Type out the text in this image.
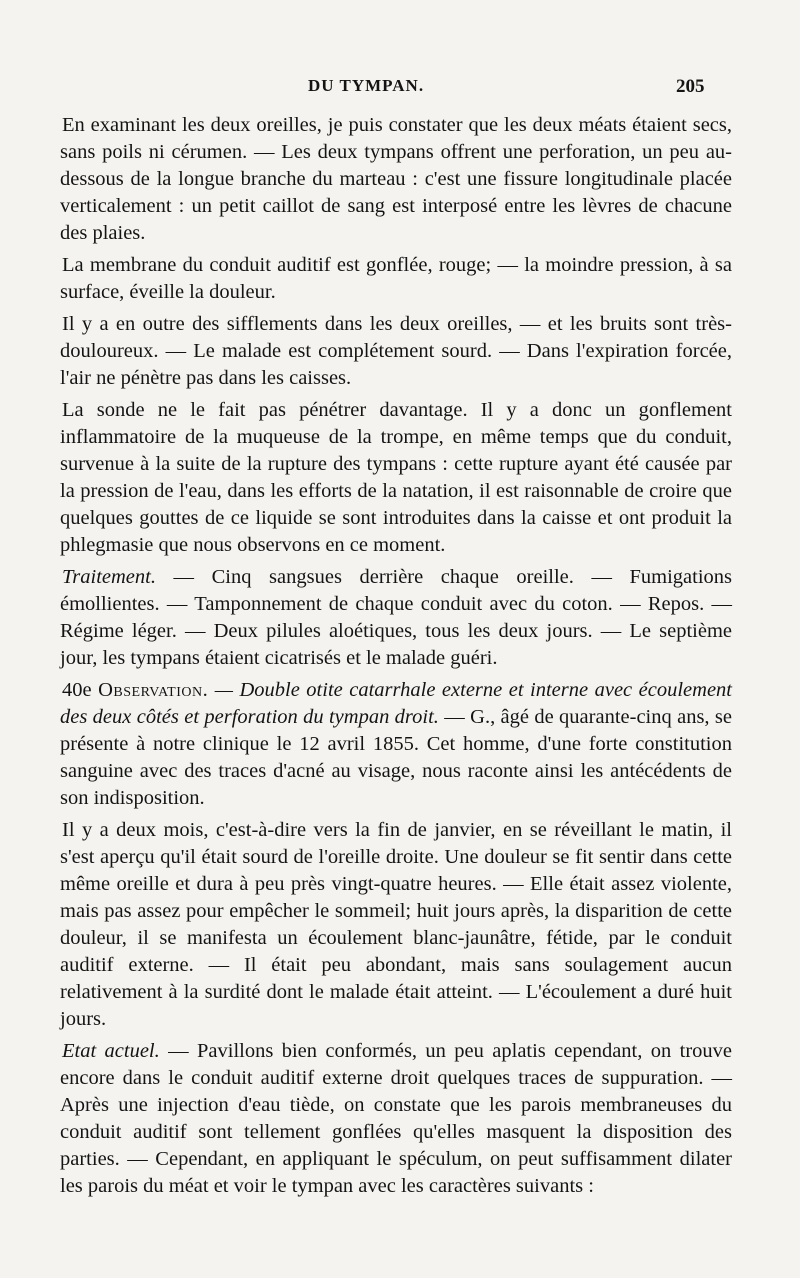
DU TYMPAN.	205

En examinant les deux oreilles, je puis constater que les deux méats étaient secs, sans poils ni cérumen. — Les deux tympans offrent une perforation, un peu au-dessous de la longue branche du marteau : c'est une fissure longitudinale placée verticalement : un petit caillot de sang est interposé entre les lèvres de chacune des plaies.

La membrane du conduit auditif est gonflée, rouge; — la moindre pression, à sa surface, éveille la douleur.

Il y a en outre des sifflements dans les deux oreilles, — et les bruits sont très-douloureux. — Le malade est complétement sourd. — Dans l'expiration forcée, l'air ne pénètre pas dans les caisses.

La sonde ne le fait pas pénétrer davantage. Il y a donc un gonflement inflammatoire de la muqueuse de la trompe, en même temps que du conduit, survenue à la suite de la rupture des tympans : cette rupture ayant été causée par la pression de l'eau, dans les efforts de la natation, il est raisonnable de croire que quelques gouttes de ce liquide se sont introduites dans la caisse et ont produit la phlegmasie que nous observons en ce moment.

Traitement. — Cinq sangsues derrière chaque oreille. — Fumigations émollientes. — Tamponnement de chaque conduit avec du coton. — Repos. — Régime léger. — Deux pilules aloétiques, tous les deux jours. — Le septième jour, les tympans étaient cicatrisés et le malade guéri.

40e Observation. — Double otite catarrhale externe et interne avec écoulement des deux côtés et perforation du tympan droit. — G., âgé de quarante-cinq ans, se présente à notre clinique le 12 avril 1855. Cet homme, d'une forte constitution sanguine avec des traces d'acné au visage, nous raconte ainsi les antécédents de son indisposition.

Il y a deux mois, c'est-à-dire vers la fin de janvier, en se réveillant le matin, il s'est aperçu qu'il était sourd de l'oreille droite. Une douleur se fit sentir dans cette même oreille et dura à peu près vingt-quatre heures. — Elle était assez violente, mais pas assez pour empêcher le sommeil; huit jours après, la disparition de cette douleur, il se manifesta un écoulement blanc-jaunâtre, fétide, par le conduit auditif externe. — Il était peu abondant, mais sans soulagement aucun relativement à la surdité dont le malade était atteint. — L'écoulement a duré huit jours.

Etat actuel. — Pavillons bien conformés, un peu aplatis cependant, on trouve encore dans le conduit auditif externe droit quelques traces de suppuration. — Après une injection d'eau tiède, on constate que les parois membraneuses du conduit auditif sont tellement gonflées qu'elles masquent la disposition des parties. — Cependant, en appliquant le spéculum, on peut suffisamment dilater les parois du méat et voir le tympan avec les caractères suivants :
